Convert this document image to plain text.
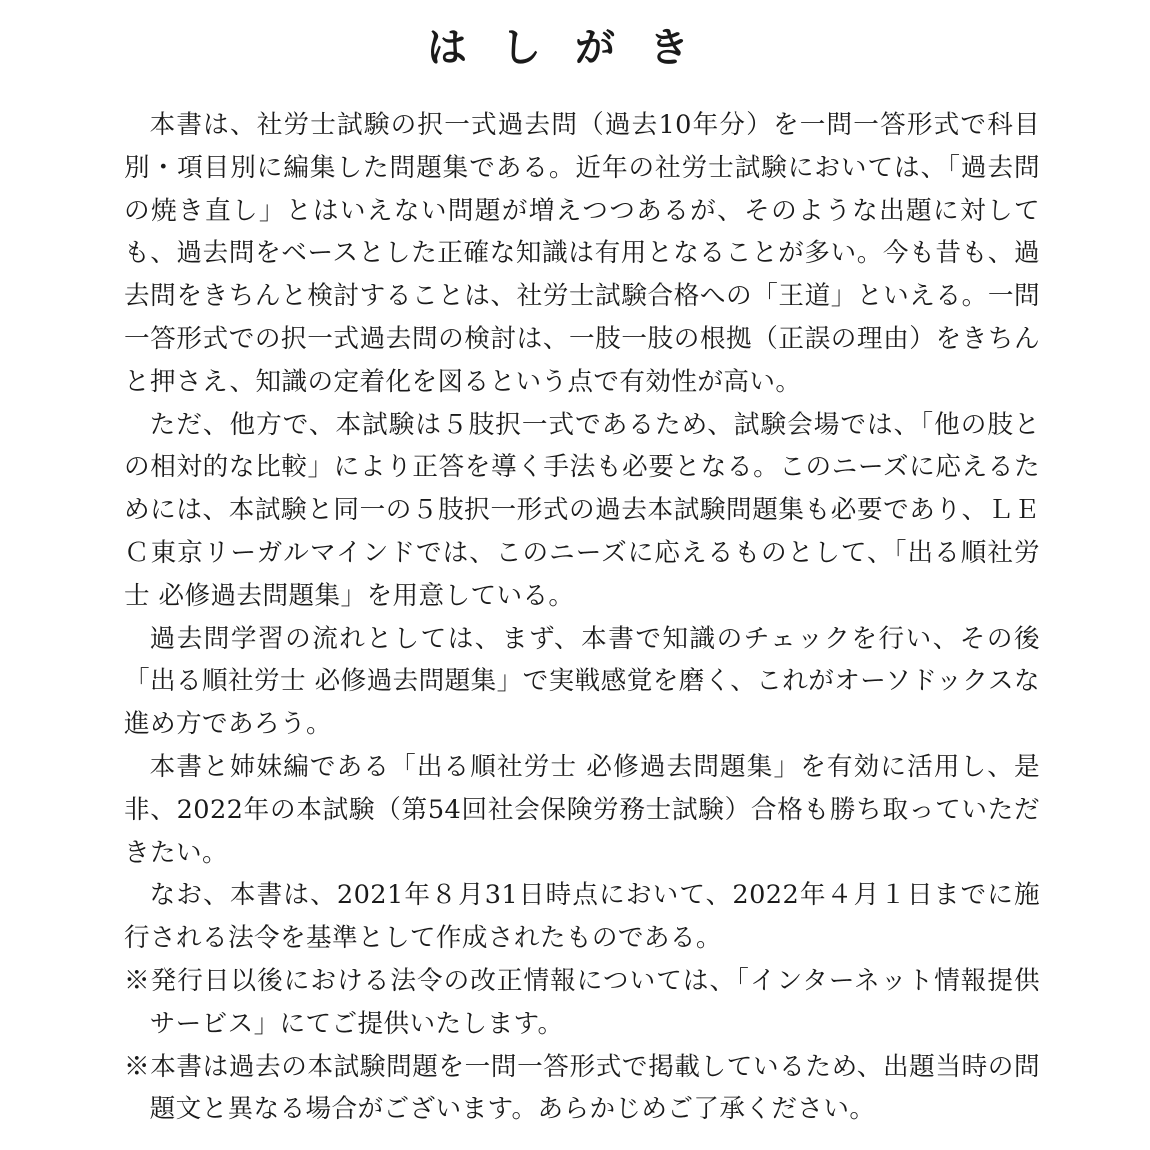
はしがき

本書は、社労士試験の択一式過去問（過去10年分）を一問一答形式で科目別・項目別に編集した問題集である。近年の社労士試験においては、「過去問の焼き直し」とはいえない問題が増えつつあるが、そのような出題に対しても、過去問をベースとした正確な知識は有用となることが多い。今も昔も、過去問をきちんと検討することは、社労士試験合格への「王道」といえる。一問一答形式での択一式過去問の検討は、一肢一肢の根拠（正誤の理由）をきちんと押さえ、知識の定着化を図るという点で有効性が高い。

ただ、他方で、本試験は５肢択一式であるため、試験会場では、「他の肢との相対的な比較」により正答を導く手法も必要となる。このニーズに応えるためには、本試験と同一の５肢択一形式の過去本試験問題集も必要であり、ＬＥＣ東京リーガルマインドでは、このニーズに応えるものとして、「出る順社労士 必修過去問題集」を用意している。

過去問学習の流れとしては、まず、本書で知識のチェックを行い、その後「出る順社労士 必修過去問題集」で実戦感覚を磨く、これがオーソドックスな進め方であろう。

本書と姉妹編である「出る順社労士 必修過去問題集」を有効に活用し、是非、2022年の本試験（第54回社会保険労務士試験）合格も勝ち取っていただきたい。

なお、本書は、2021年８月31日時点において、2022年４月１日までに施行される法令を基準として作成されたものである。

※発行日以後における法令の改正情報については、「インターネット情報提供サービス」にてご提供いたします。

※本書は過去の本試験問題を一問一答形式で掲載しているため、出題当時の問題文と異なる場合がございます。あらかじめご了承ください。
